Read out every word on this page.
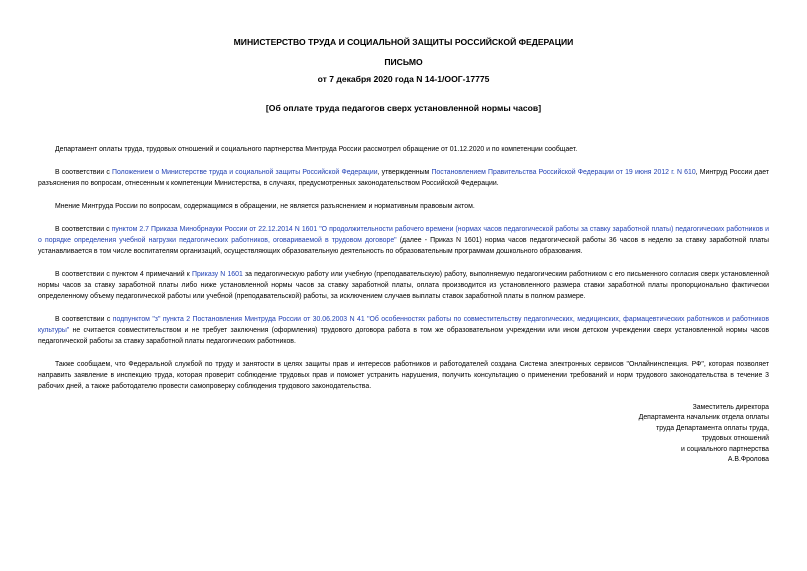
МИНИСТЕРСТВО ТРУДА И СОЦИАЛЬНОЙ ЗАЩИТЫ РОССИЙСКОЙ ФЕДЕРАЦИИ
ПИСЬМО
от 7 декабря 2020 года N 14-1/ООГ-17775
[Об оплате труда педагогов сверх установленной нормы часов]

Департамент оплаты труда, трудовых отношений и социального партнерства Минтруда России рассмотрел обращение от 01.12.2020 и по компетенции сообщает.

В соответствии с Положением о Министерстве труда и социальной защиты Российской Федерации, утвержденным Постановлением Правительства Российской Федерации от 19 июня 2012 г. N 610, Минтруд России дает разъяснения по вопросам, отнесенным к компетенции Министерства, в случаях, предусмотренных законодательством Российской Федерации.

Мнение Минтруда России по вопросам, содержащимся в обращении, не является разъяснением и нормативным правовым актом.

В соответствии с пунктом 2.7 Приказа Минобрнауки России от 22.12.2014 N 1601 "О продолжительности рабочего времени (нормах часов педагогической работы за ставку заработной платы) педагогических работников и о порядке определения учебной нагрузки педагогических работников, оговариваемой в трудовом договоре" (далее - Приказ N 1601) норма часов педагогической работы 36 часов в неделю за ставку заработной платы устанавливается в том числе воспитателям организаций, осуществляющих образовательную деятельность по образовательным программам дошкольного образования.

В соответствии с пунктом 4 примечаний к Приказу N 1601 за педагогическую работу или учебную (преподавательскую) работу, выполняемую педагогическим работником с его письменного согласия сверх установленной нормы часов за ставку заработной платы либо ниже установленной нормы часов за ставку заработной платы, оплата производится из установленного размера ставки заработной платы пропорционально фактически определенному объему педагогической работы или учебной (преподавательской) работы, за исключением случаев выплаты ставок заработной платы в полном размере.

В соответствии с подпунктом "з" пункта 2 Постановления Минтруда России от 30.06.2003 N 41 "Об особенностях работы по совместительству педагогических, медицинских, фармацевтических работников и работников культуры" не считается совместительством и не требует заключения (оформления) трудового договора работа в том же образовательном учреждении или ином детском учреждении сверх установленной нормы часов педагогической работы за ставку заработной платы педагогических работников.

Также сообщаем, что Федеральной службой по труду и занятости в целях защиты прав и интересов работников и работодателей создана Система электронных сервисов "Онлайнинспекция. РФ", которая позволяет направить заявление в инспекцию труда, которая проверит соблюдение трудовых прав и поможет устранить нарушения, получить консультацию о применении требований и норм трудового законодательства в течение 3 рабочих дней, а также работодателю провести самопроверку соблюдения трудового законодательства.

Заместитель директора
Департамента начальник отдела оплаты
труда Департамента оплаты труда,
трудовых отношений
и социального партнерства
А.В.Фролова
